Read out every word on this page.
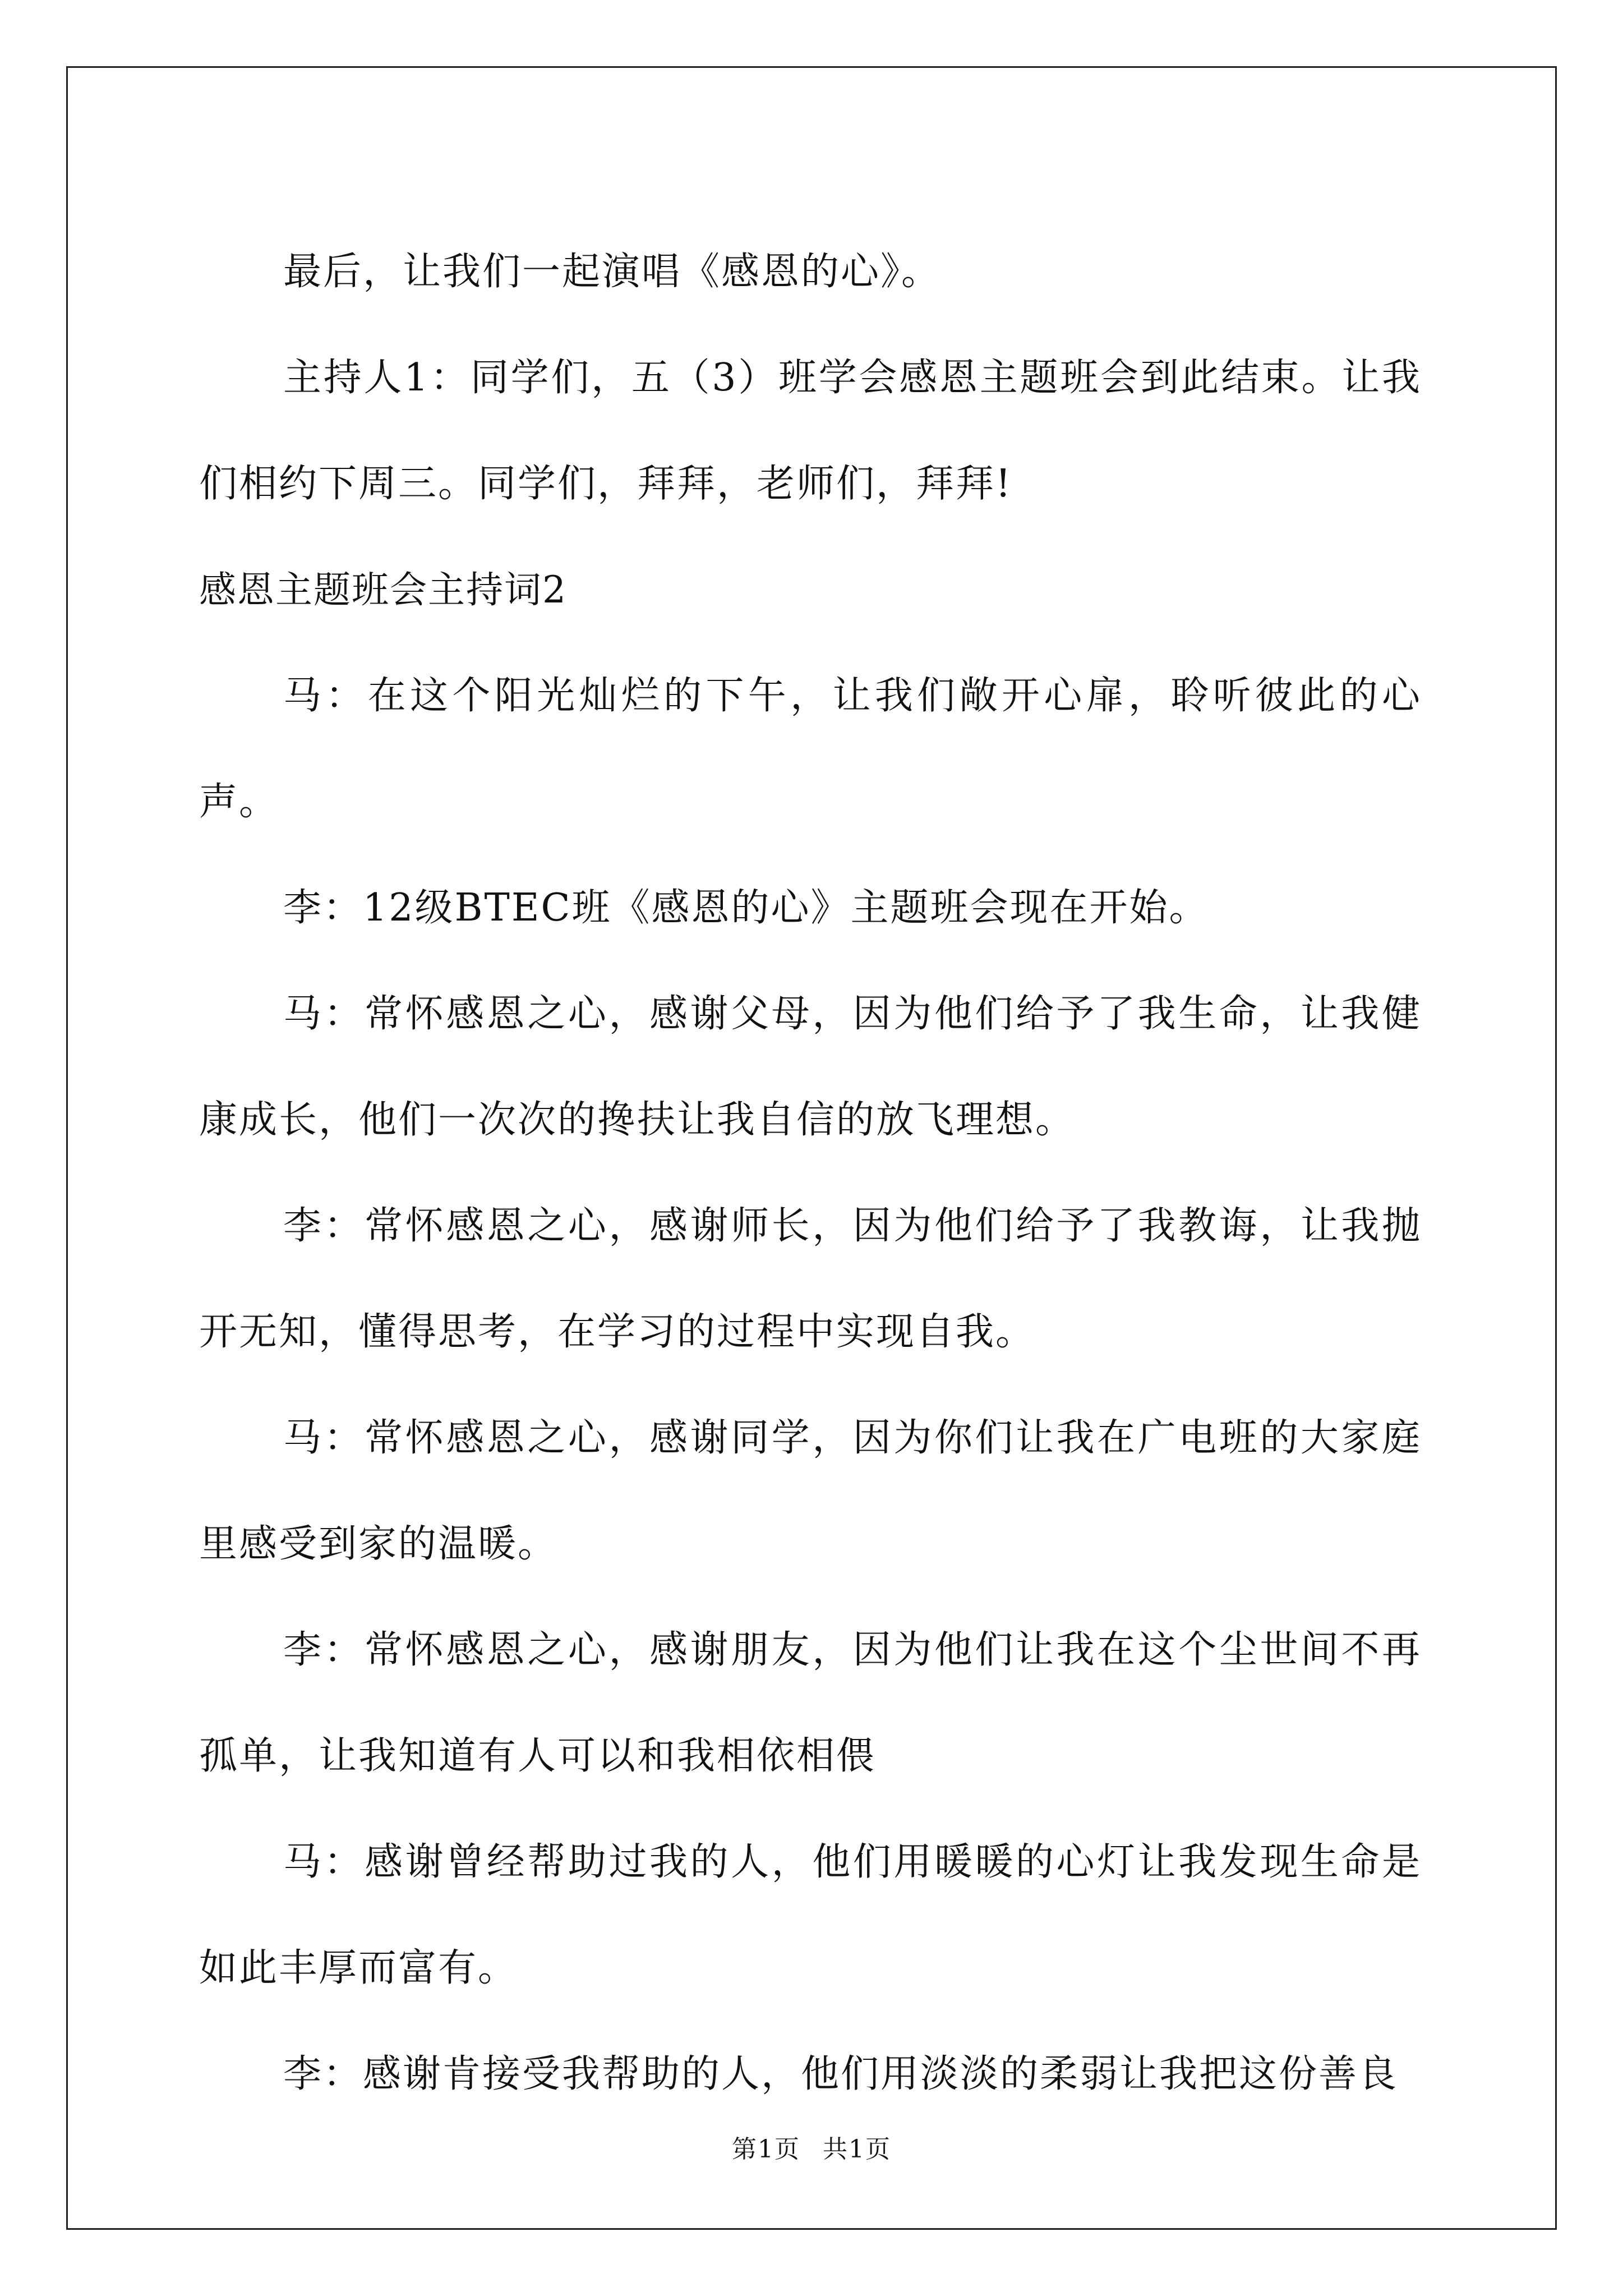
最后，让我们一起演唱《感恩的心》。

主持人1：同学们，五（3）班学会感恩主题班会到此结束。让我们相约下周三。同学们，拜拜，老师们，拜拜!

感恩主题班会主持词2

马：在这个阳光灿烂的下午，让我们敞开心扉，聆听彼此的心声。

李：12级BTEC班《感恩的心》主题班会现在开始。

马：常怀感恩之心，感谢父母，因为他们给予了我生命，让我健康成长，他们一次次的搀扶让我自信的放飞理想。

李：常怀感恩之心，感谢师长，因为他们给予了我教诲，让我抛开无知，懂得思考，在学习的过程中实现自我。

马：常怀感恩之心，感谢同学，因为你们让我在广电班的大家庭里感受到家的温暖。

李：常怀感恩之心，感谢朋友，因为他们让我在这个尘世间不再孤单，让我知道有人可以和我相依相偎

马：感谢曾经帮助过我的人，他们用暖暖的心灯让我发现生命是如此丰厚而富有。

李：感谢肯接受我帮助的人，他们用淡淡的柔弱让我把这份善良

第1页 共1页
